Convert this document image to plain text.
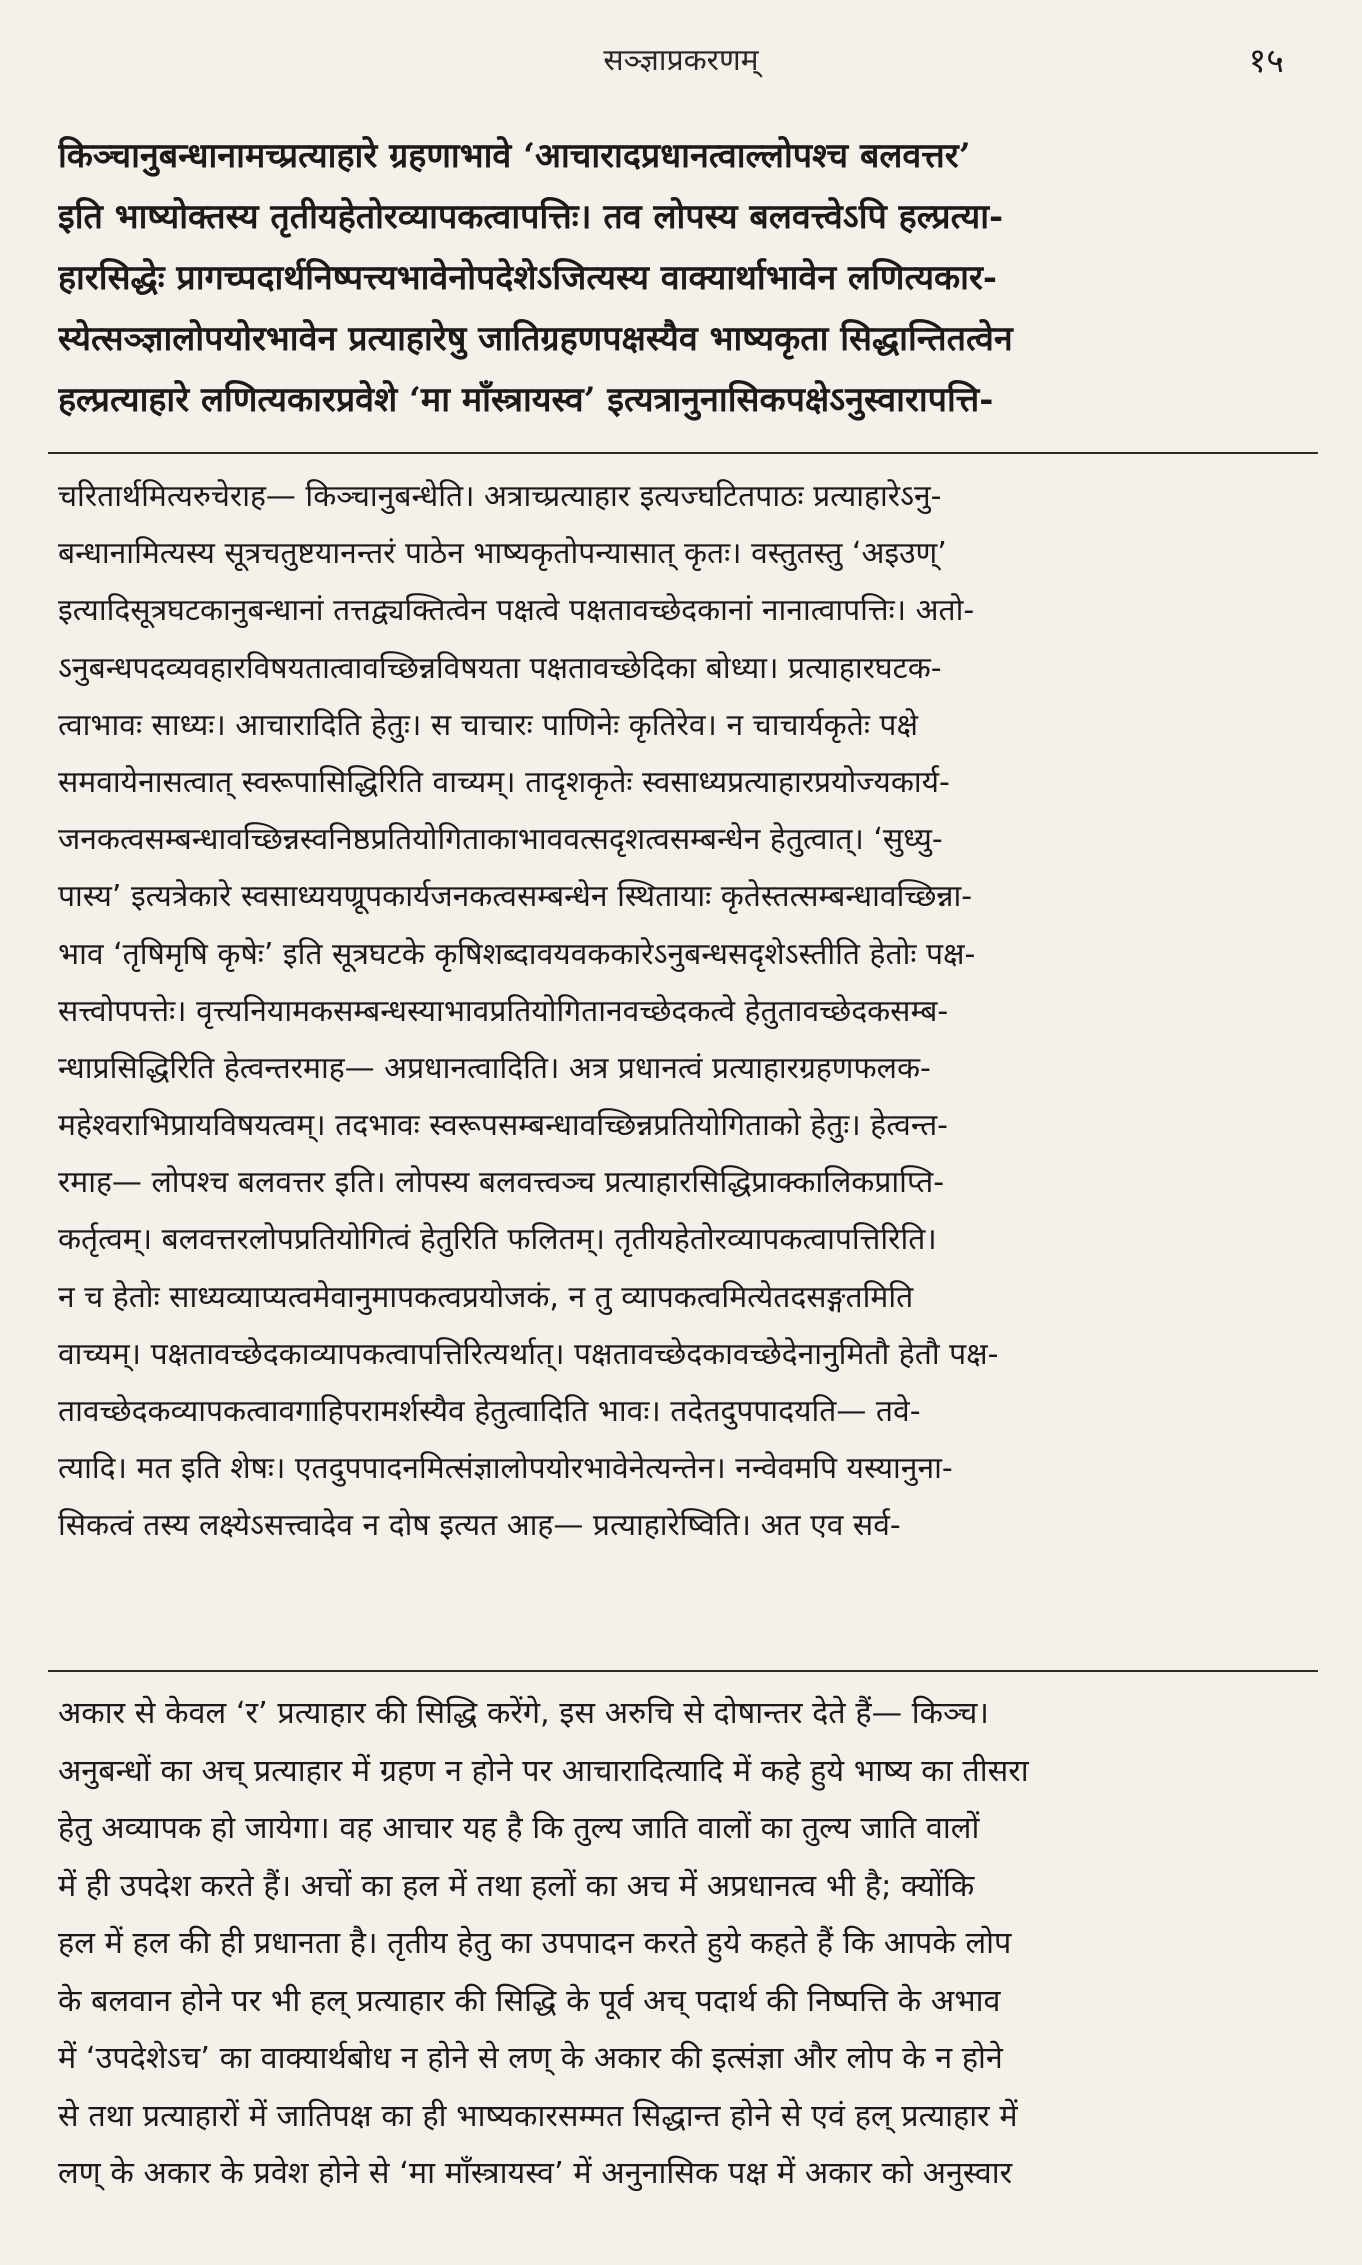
सञ्ज्ञाप्रकरणम्	१५
किञ्चानुबन्धानामच्प्रत्याहारे ग्रहणाभावे ‘आचारादप्रधानत्वाल्लोपश्च बलवत्तर’
इति भाष्योक्तस्य तृतीयहेतोरव्यापकत्वापत्तिः। तव लोपस्य बलवत्त्वेऽपि हल्प्रत्या-
हारसिद्धेः प्रागच्पदार्थनिष्पत्त्यभावेनोपदेशेऽजित्यस्य वाक्यार्थाभावेन लणित्यकार-
स्येत्सञ्ज्ञालोपयोरभावेन प्रत्याहारेषु जातिग्रहणपक्षस्यैव भाष्यकृता सिद्धान्तितत्वेन
हल्प्रत्याहारे लणित्यकारप्रवेशे ‘मा माँस्त्रायस्व’ इत्यत्रानुनासिकपक्षेऽनुस्वारापत्ति-
चरितार्थमित्यरुचेराह— किञ्चानुबन्धेति। अत्राच्प्रत्याहार इत्यज्घटितपाठः प्रत्याहारेऽनु-
बन्धानामित्यस्य सूत्रचतुष्टयानन्तरं पाठेन भाष्यकृतोपन्यासात् कृतः। वस्तुतस्तु ‘अइउण्’
इत्यादिसूत्रघटकानुबन्धानां तत्तद्व्यक्तित्वेन पक्षत्वे पक्षतावच्छेदकानां नानात्वापत्तिः। अतो-
ऽनुबन्धपदव्यवहारविषयतात्वावच्छिन्नविषयता पक्षतावच्छेदिका बोध्या। प्रत्याहारघटक-
त्वाभावः साध्यः। आचारादिति हेतुः। स चाचारः पाणिनेः कृतिरेव। न चाचार्यकृतेः पक्षे
समवायेनासत्वात् स्वरूपासिद्धिरिति वाच्यम्। तादृशकृतेः स्वसाध्यप्रत्याहारप्रयोज्यकार्य-
जनकत्वसम्बन्धावच्छिन्नस्वनिष्ठप्रतियोगिताकाभाववत्सदृशत्वसम्बन्धेन हेतुत्वात्। ‘सुध्यु-
पास्य’ इत्यत्रेकारे स्वसाध्ययण्रूपकार्यजनकत्वसम्बन्धेन स्थितायाः कृतेस्तत्सम्बन्धावच्छिन्ना-
भाव ‘तृषिमृषि कृषेः’ इति सूत्रघटके कृषिशब्दावयवककारेऽनुबन्धसदृशेऽस्तीति हेतोः पक्ष-
सत्त्वोपपत्तेः। वृत्त्यनियामकसम्बन्धस्याभावप्रतियोगितानवच्छेदकत्वे हेतुतावच्छेदकसम्ब-
न्धाप्रसिद्धिरिति हेत्वन्तरमाह— अप्रधानत्वादिति। अत्र प्रधानत्वं प्रत्याहारग्रहणफलक-
महेश्वराभिप्रायविषयत्वम्। तदभावः स्वरूपसम्बन्धावच्छिन्नप्रतियोगिताको हेतुः। हेत्वन्त-
रमाह— लोपश्च बलवत्तर इति। लोपस्य बलवत्त्वञ्च प्रत्याहारसिद्धिप्राक्कालिकप्राप्ति-
कर्तृत्वम्। बलवत्तरलोपप्रतियोगित्वं हेतुरिति फलितम्। तृतीयहेतोरव्यापकत्वापत्तिरिति।
न च हेतोः साध्यव्याप्यत्वमेवानुमापकत्वप्रयोजकं, न तु व्यापकत्वमित्येतदसङ्गतमिति
वाच्यम्। पक्षतावच्छेदकाव्यापकत्वापत्तिरित्यर्थात्। पक्षतावच्छेदकावच्छेदेनानुमितौ हेतौ पक्ष-
तावच्छेदकव्यापकत्वावगाहिपरामर्शस्यैव हेतुत्वादिति भावः। तदेतदुपपादयति— तवे-
त्यादि। मत इति शेषः। एतदुपपादनमित्संज्ञालोपयोरभावेनेत्यन्तेन। नन्वेवमपि यस्यानुना-
सिकत्वं तस्य लक्ष्येऽसत्त्वादेव न दोष इत्यत आह— प्रत्याहारेष्विति। अत एव सर्व-
अकार से केवल ‘र’ प्रत्याहार की सिद्धि करेंगे, इस अरुचि से दोषान्तर देते हैं— किञ्च।
अनुबन्धों का अच् प्रत्याहार में ग्रहण न होने पर आचारादित्यादि में कहे हुये भाष्य का तीसरा
हेतु अव्यापक हो जायेगा। वह आचार यह है कि तुल्य जाति वालों का तुल्य जाति वालों
में ही उपदेश करते हैं। अचों का हल में तथा हलों का अच में अप्रधानत्व भी है; क्योंकि
हल में हल की ही प्रधानता है। तृतीय हेतु का उपपादन करते हुये कहते हैं कि आपके लोप
के बलवान होने पर भी हल् प्रत्याहार की सिद्धि के पूर्व अच् पदार्थ की निष्पत्ति के अभाव
में ‘उपदेशेऽच’ का वाक्यार्थबोध न होने से लण् के अकार की इत्संज्ञा और लोप के न होने
से तथा प्रत्याहारों में जातिपक्ष का ही भाष्यकारसम्मत सिद्धान्त होने से एवं हल् प्रत्याहार में
लण् के अकार के प्रवेश होने से ‘मा माँस्त्रायस्व’ में अनुनासिक पक्ष में अकार को अनुस्वार
